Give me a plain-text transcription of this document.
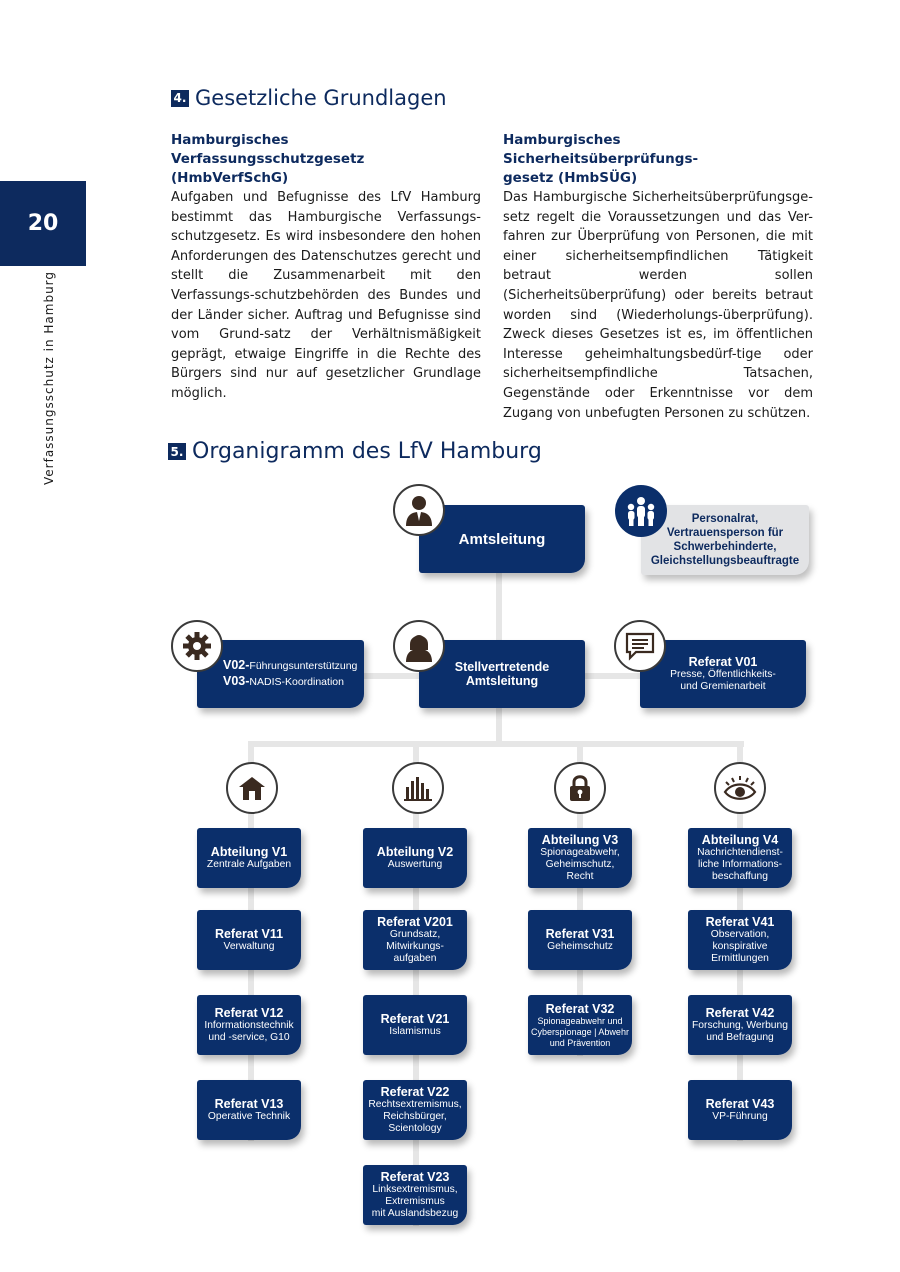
20
Verfassungsschutz in Hamburg
4. Gesetzliche Grundlagen
Hamburgisches Verfassungsschutzgesetz
(HmbVerfSchG)

Aufgaben und Befugnisse des LfV Hamburg bestimmt das Hamburgische Verfassungs-schutzgesetz. Es wird insbesondere den hohen Anforderungen des Datenschutzes gerecht und stellt die Zusammenarbeit mit den Verfassungs-schutzbehörden des Bundes und der Länder sicher. Auftrag und Befugnisse sind vom Grund-satz der Verhältnismäßigkeit geprägt, etwaige Eingriffe in die Rechte des Bürgers sind nur auf gesetzlicher Grundlage möglich.

Hamburgisches Sicherheitsüberprüfungs-
gesetz (HmbSÜG)

Das Hamburgische Sicherheitsüberprüfungsge-setz regelt die Voraussetzungen und das Ver-fahren zur Überprüfung von Personen, die mit einer sicherheitsempfindlichen Tätigkeit betraut werden sollen (Sicherheitsüberprüfung) oder bereits betraut worden sind (Wiederholungs-überprüfung). Zweck dieses Gesetzes ist es, im öffentlichen Interesse geheimhaltungsbedürf-tige oder sicherheitsempfindliche Tatsachen, Gegenstände oder Erkenntnisse vor dem Zugang von unbefugten Personen zu schützen.

5. Organigramm des LfV Hamburg
Amtsleitung
Personalrat,
Vertrauensperson für
Schwerbehinderte,
Gleichstellungsbeauftragte
V02-Führungsunterstützung
V03-NADIS-Koordination
Stellvertretende
Amtsleitung
Referat V01
Presse, Öffentlichkeits-
und Gremienarbeit
Abteilung V1
Zentrale Aufgaben
Referat V11
Verwaltung
Referat V12
Informationstechnik
und -service, G10
Referat V13
Operative Technik
Abteilung V2
Auswertung
Referat V201
Grundsatz,
Mitwirkungs-
aufgaben
Referat V21
Islamismus
Referat V22
Rechtsextremismus,
Reichsbürger,
Scientology
Referat V23
Linksextremismus,
Extremismus
mit Auslandsbezug
Abteilung V3
Spionageabwehr,
Geheimschutz,
Recht
Referat V31
Geheimschutz
Referat V32
Spionageabwehr und
Cyberspionage | Abwehr
und Prävention
Abteilung V4
Nachrichtendienst-
liche Informations-
beschaffung
Referat V41
Observation,
konspirative
Ermittlungen
Referat V42
Forschung, Werbung
und Befragung
Referat V43
VP-Führung
